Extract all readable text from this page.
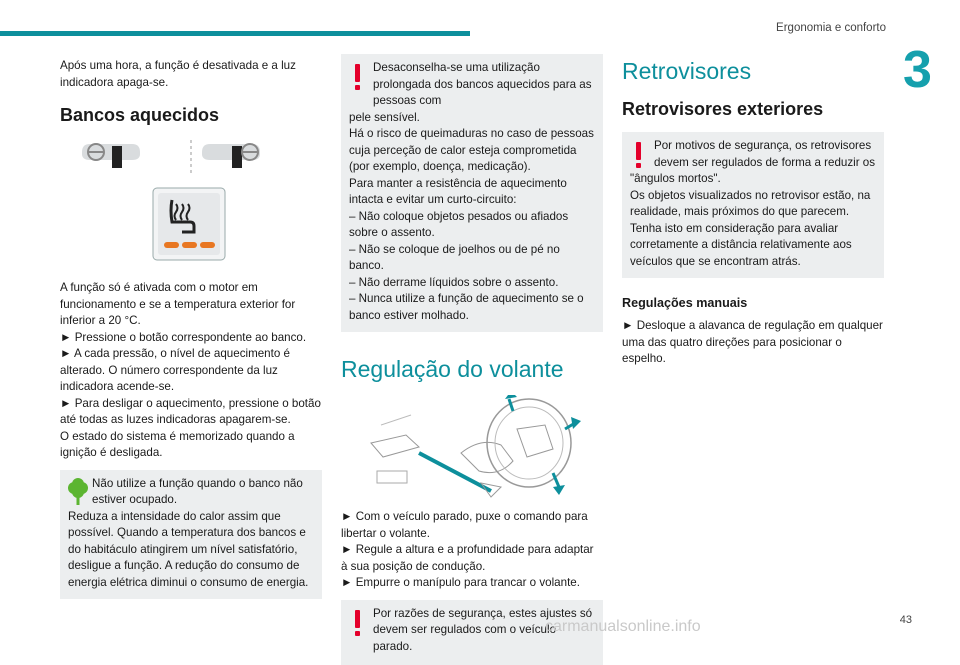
Ergonomia e conforto
3

Após uma hora, a função é desativada e a luz indicadora apaga-se.

Bancos aquecidos

A função só é ativada com o motor em funcionamento e se a temperatura exterior for inferior a 20 °C.

► Pressione o botão correspondente ao banco.

► A cada pressão, o nível de aquecimento é alterado. O número correspondente da luz indicadora acende-se.

► Para desligar o aquecimento, pressione o botão até todas as luzes indicadoras apagarem-se.

O estado do sistema é memorizado quando a ignição é desligada.

Não utilize a função quando o banco não estiver ocupado.

Reduza a intensidade do calor assim que possível. Quando a temperatura dos bancos e do habitáculo atingirem um nível satisfatório, desligue a função. A redução do consumo de energia elétrica diminui o consumo de energia.

Desaconselha-se uma utilização prolongada dos bancos aquecidos para as pessoas com

pele sensível.

Há o risco de queimaduras no caso de pessoas cuja perceção de calor esteja comprometida (por exemplo, doença, medicação).

Para manter a resistência de aquecimento intacta e evitar um curto-circuito:

– Não coloque objetos pesados ou afiados sobre o assento.

– Não se coloque de joelhos ou de pé no banco.

– Não derrame líquidos sobre o assento.

– Nunca utilize a função de aquecimento se o banco estiver molhado.

Regulação do volante

► Com o veículo parado, puxe o comando para libertar o volante.

► Regule a altura e a profundidade para adaptar à sua posição de condução.

► Empurre o manípulo para trancar o volante.

Por razões de segurança, estes ajustes só devem ser regulados com o veículo parado.

Retrovisores
Retrovisores exteriores

Por motivos de segurança, os retrovisores devem ser regulados de forma a reduzir os

"ângulos mortos".

Os objetos visualizados no retrovisor estão, na realidade, mais próximos do que parecem. Tenha isto em consideração para avaliar corretamente a distância relativamente aos veículos que se encontram atrás.

Regulações manuais

► Desloque a alavanca de regulação em qualquer uma das quatro direções para posicionar o espelho.

carmanualsonline.info	43
